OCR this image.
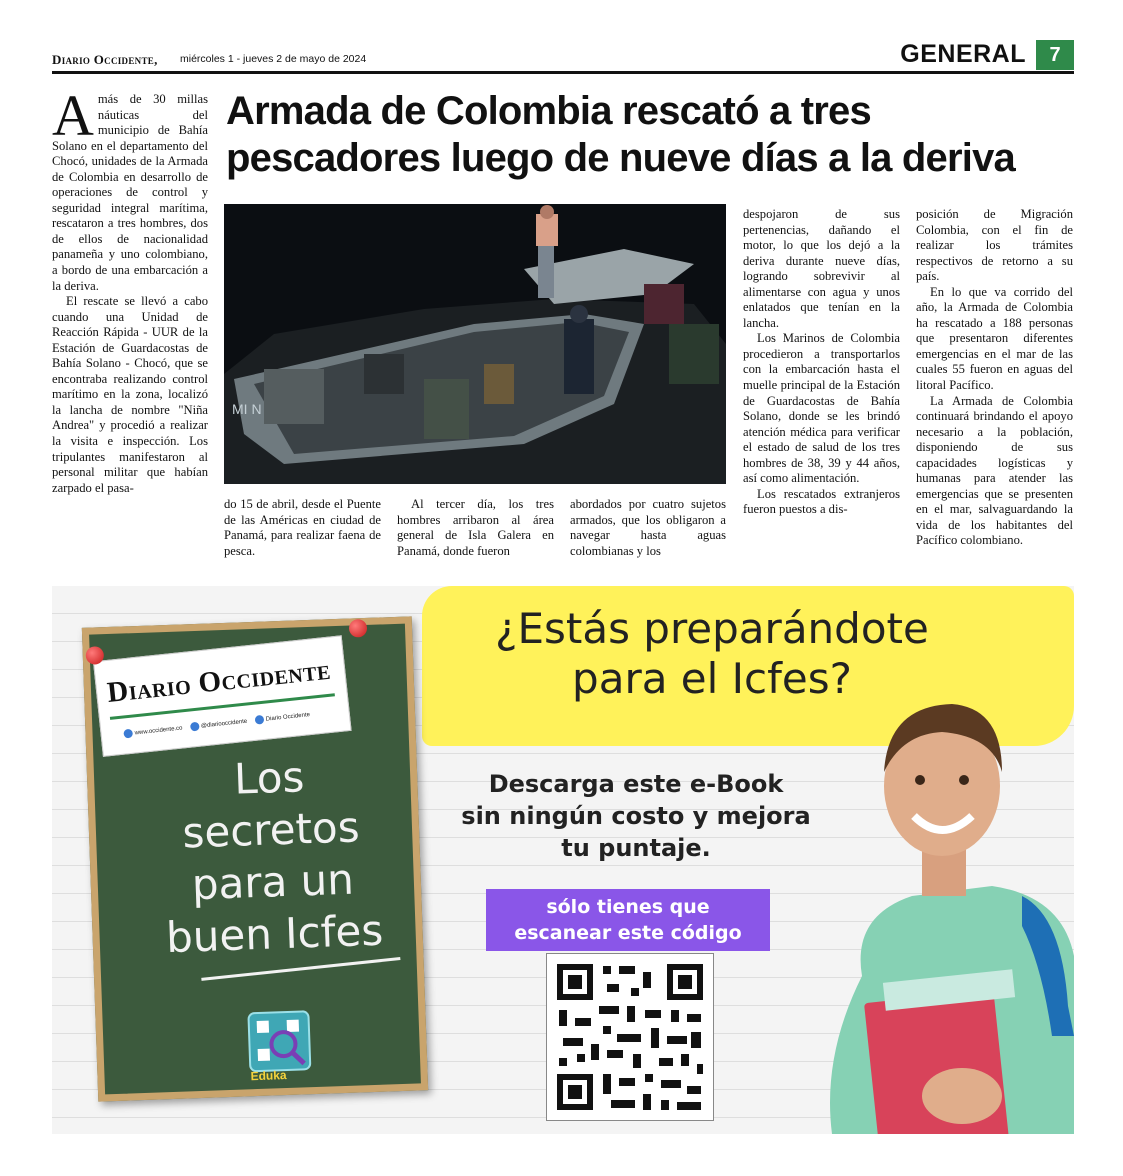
Diario Occidente, miércoles 1 - jueves 2 de mayo de 2024	GENERAL	7

Amás de 30 millas náuticas del municipio de Bahía Solano en el departamento del Chocó, unidades de la Armada de Colombia en desarrollo de operaciones de control y seguridad integral marítima, rescataron a tres hombres, dos de ellos de nacionalidad panameña y uno colombiano, a bordo de una embarcación a la deriva.

El rescate se llevó a cabo cuando una Unidad de Reacción Rápida - UUR de la Estación de Guardacostas de Bahía Solano - Chocó, que se encontraba realizando control marítimo en la zona, localizó la lancha de nombre "Niña Andrea" y procedió a realizar la visita e inspección. Los tripulantes manifestaron al personal militar que habían zarpado el pasa-

Armada de Colombia rescató a tres pescadores luego de nueve días a la deriva
MI N

do 15 de abril, desde el Puente de las Américas en ciudad de Panamá, para realizar faena de pesca.

Al tercer día, los tres hombres arribaron al área general de Isla Galera en Panamá, donde fueron

abordados por cuatro sujetos armados, que los obligaron a navegar hasta aguas colombianas y los

despojaron de sus pertenencias, dañando el motor, lo que los dejó a la deriva durante nueve días, logrando sobrevivir al alimentarse con agua y unos enlatados que tenían en la lancha.

Los Marinos de Colombia procedieron a transportarlos con la embarcación hasta el muelle principal de la Estación de Guardacostas de Bahía Solano, donde se les brindó atención médica para verificar el estado de salud de los tres hombres de 38, 39 y 44 años, así como alimentación.

Los rescatados extranjeros fueron puestos a dis-

posición de Migración Colombia, con el fin de realizar los trámites respectivos de retorno a su país.

En lo que va corrido del año, la Armada de Colombia ha rescatado a 188 personas que presentaron diferentes emergencias en el mar de las cuales 55 fueron en aguas del litoral Pacífico.

La Armada de Colombia continuará brindando el apoyo necesario a la población, disponiendo de sus capacidades logísticas y humanas para atender las emergencias que se presenten en el mar, salvaguardando la vida de los habitantes del Pacífico colombiano.

Diario Occidente
www.occidente.co @diariooccidente Diario Occidente
Los
secretos
para un
buen Icfes
Eduka
¿Estás preparándote
para el Icfes?
Descarga este e-Book
sin ningún costo y mejora
tu puntaje.
sólo tienes que
escanear este código
